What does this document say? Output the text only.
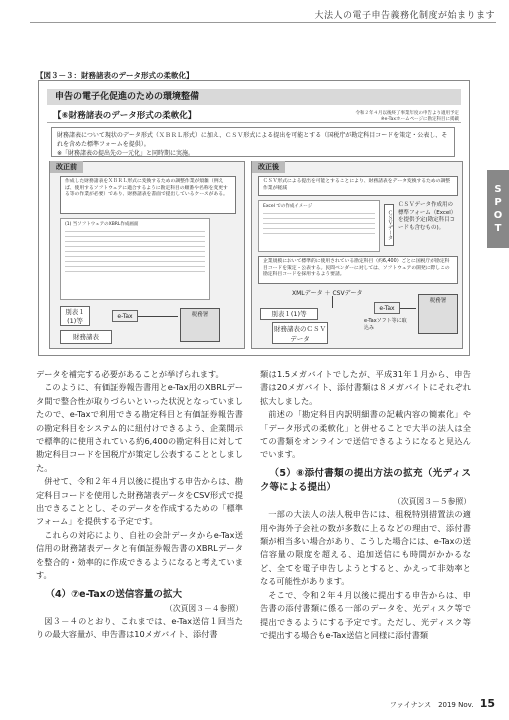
大法人の電子申告義務化制度が始まります
S
P
O
T
【図３－３：財務諸表のデータ形式の柔軟化】
申告の電子化促進のための環境整備
【⑥財務諸表のデータ形式の柔軟化】	令和２年４月以後終了事業年度の申告より適用予定
※e-Taxホームページに勘定科目に掲載
財務諸表について現状のデータ形式（ＸＢＲＬ形式）に加え、ＣＳＶ形式による提出を可能とする（国税庁が勘定科目コードを策定・公表し、それを含めた標準フォームを提供）。
※「財務諸表の提出先の一元化」と同時期に実施。
改正前
作成した財務諸表をＸＢＲＬ形式に変換するための調整作業が煩雑（例えば、使用するソフトウェアに適合するように勘定科目の順番や名称を変更する等の作業が必要）であり、財務諸表を書面で提出しているケースがある。
(1) 当ソフトウェアのXBRL作成画面
別表１(1)等
財務諸表
e-Tax	税務署
改正後
ＣＳＶ形式による提出を可能とすることにより、財務諸表をデータ変換するための調整作業が軽減
Excel での作成イメージ
ＣＳＶデータ
ＣＳＶデータ作成用の標準フォーム（Excel）を提供予定(勘定科目コードも含むもの)。
企業規模において標準的に使用されている勘定科目（約6,400）ごとに国税庁が勘定科目コードを策定・公表する。民間ベンダーに対しては、ソフトウェアの開発に際しこの勘定科目コードを採用するよう要請。
XMLデータ ＋ CSVデータ
別表１(1)等
財務諸表のＣＳＶデータ
e-Tax
e-Taxソフト等に取込み
税務署

データを補完する必要があることが挙げられます。

このように、有価証券報告書用とe-Tax用のXBRLデータ間で整合性が取りづらいといった状況となっていましたので、e-Taxで利用できる勘定科目と有価証券報告書の勘定科目をシステム的に紐付けできるよう、企業開示で標準的に使用されている約6,400の勘定科目に対して勘定科目コードを国税庁が策定し公表することとしました。

併せて、令和２年４月以後に提出する申告からは、勘定科目コードを使用した財務諸表データをCSV形式で提出できることとし、そのデータを作成するための「標準フォーム」を提供する予定です。

これらの対応により、自社の会計データからe-Tax送信用の財務諸表データと有価証券報告書のXBRLデータを整合的・効率的に作成できるようになると考えています。

（4）⑦e-Taxの送信容量の拡大

（次頁図３－４参照）

図３－４のとおり、これまでは、e-Tax送信１回当たりの最大容量が、申告書は10メガバイト、添付書

類は1.5メガバイトでしたが、平成31年１月から、申告書は20メガバイト、添付書類は８メガバイトにそれぞれ拡大しました。

前述の「勘定科目内訳明細書の記載内容の簡素化」や「データ形式の柔軟化」と併せることで大半の法人は全ての書類をオンラインで送信できるようになると見込んでいます。

（5）⑧添付書類の提出方法の拡充（光ディスク等による提出）

（次頁図３－５参照）

一部の大法人の法人税申告には、租税特別措置法の適用や海外子会社の数が多数に上るなどの理由で、添付書類が相当多い場合があり、こうした場合には、e-Taxの送信容量の限度を超える、追加送信にも時間がかかるなど、全てを電子申告しようとすると、かえって非効率となる可能性があります。

そこで、令和２年４月以後に提出する申告からは、申告書の添付書類に係る一部のデータを、光ディスク等で提出できるようにする予定です。ただし、光ディスク等で提出する場合もe-Tax送信と同様に添付書類

ファイナンス　2019 Nov. 15
